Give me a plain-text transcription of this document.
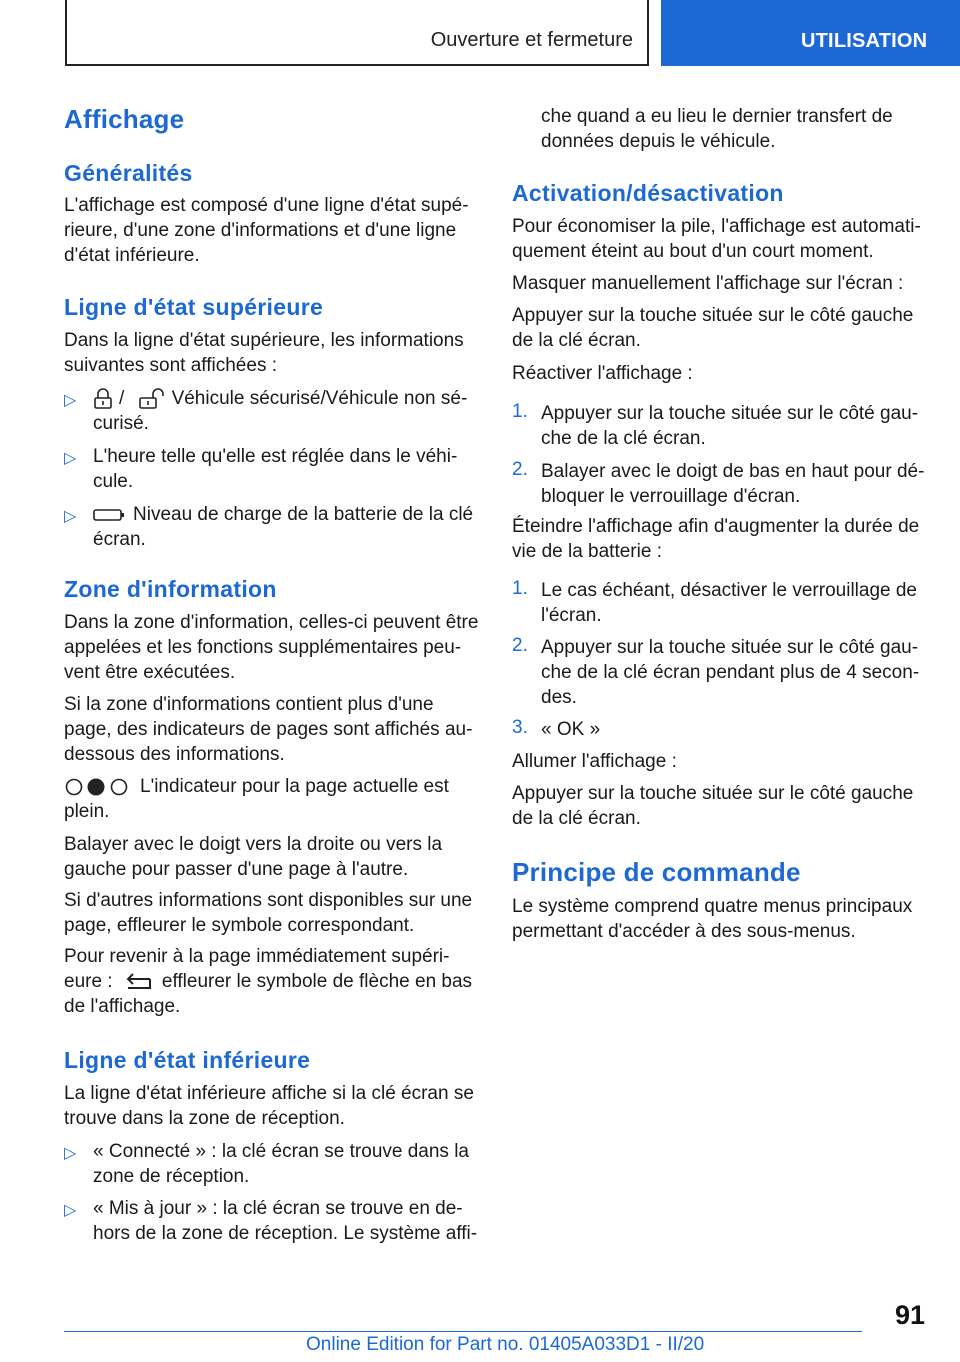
Ouverture et fermeture	UTILISATION
Affichage
Généralités
L'affichage est composé d'une ligne d'état supé-
rieure, d'une zone d'informations et d'une ligne
d'état inférieure.
Ligne d'état supérieure
Dans la ligne d'état supérieure, les informations
suivantes sont affichées :
▷	/ Véhicule sécurisé/Véhicule non sé-
curisé.
▷ L'heure telle qu'elle est réglée dans le véhi-
cule.
▷	Niveau de charge de la batterie de la clé
écran.
Zone d'information
Dans la zone d'information, celles-ci peuvent être
appelées et les fonctions supplémentaires peu-
vent être exécutées.
Si la zone d'informations contient plus d'une
page, des indicateurs de pages sont affichés au-
dessous des informations.
L'indicateur pour la page actuelle est
plein.
Balayer avec le doigt vers la droite ou vers la
gauche pour passer d'une page à l'autre.
Si d'autres informations sont disponibles sur une
page, effleurer le symbole correspondant.
Pour revenir à la page immédiatement supéri-
eure :	effleurer le symbole de flèche en bas
de l'affichage.
Ligne d'état inférieure
La ligne d'état inférieure affiche si la clé écran se
trouve dans la zone de réception.
▷ « Connecté » : la clé écran se trouve dans la
zone de réception.
▷ « Mis à jour » : la clé écran se trouve en de-
hors de la zone de réception. Le système affi-
che quand a eu lieu le dernier transfert de
données depuis le véhicule.
Activation/désactivation
Pour économiser la pile, l'affichage est automati-
quement éteint au bout d'un court moment.
Masquer manuellement l'affichage sur l'écran :
Appuyer sur la touche située sur le côté gauche
de la clé écran.
Réactiver l'affichage :
1. Appuyer sur la touche située sur le côté gau-
che de la clé écran.
2. Balayer avec le doigt de bas en haut pour dé-
bloquer le verrouillage d'écran.
Éteindre l'affichage afin d'augmenter la durée de
vie de la batterie :
1. Le cas échéant, désactiver le verrouillage de
l'écran.
2. Appuyer sur la touche située sur le côté gau-
che de la clé écran pendant plus de 4 secon-
des.
3. « OK »
Allumer l'affichage :
Appuyer sur la touche située sur le côté gauche
de la clé écran.
Principe de commande
Le système comprend quatre menus principaux
permettant d'accéder à des sous-menus.
91
Online Edition for Part no. 01405A033D1 - II/20
